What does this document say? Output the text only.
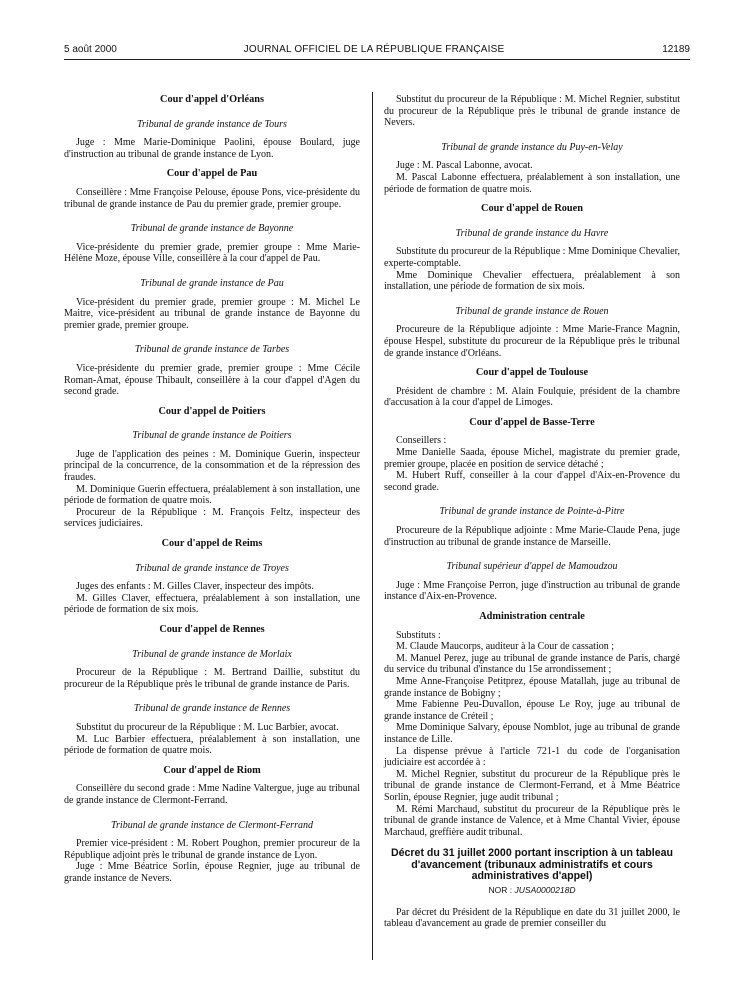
5 août 2000	JOURNAL OFFICIEL DE LA RÉPUBLIQUE FRANÇAISE	12189
Cour d'appel d'Orléans
Tribunal de grande instance de Tours

Juge : Mme Marie-Dominique Paolini, épouse Boulard, juge d'instruction au tribunal de grande instance de Lyon.

Cour d'appel de Pau

Conseillère : Mme Françoise Pelouse, épouse Pons, vice-présidente du tribunal de grande instance de Pau du premier grade, premier groupe.

Tribunal de grande instance de Bayonne

Vice-présidente du premier grade, premier groupe : Mme Marie-Hélène Moze, épouse Ville, conseillère à la cour d'appel de Pau.

Tribunal de grande instance de Pau

Vice-président du premier grade, premier groupe : M. Michel Le Maitre, vice-président au tribunal de grande instance de Bayonne du premier grade, premier groupe.

Tribunal de grande instance de Tarbes

Vice-présidente du premier grade, premier groupe : Mme Cécile Roman-Amat, épouse Thibault, conseillère à la cour d'appel d'Agen du second grade.

Cour d'appel de Poitiers
Tribunal de grande instance de Poitiers

Juge de l'application des peines : M. Dominique Guerin, inspecteur principal de la concurrence, de la consommation et de la répression des fraudes.

M. Dominique Guerin effectuera, préalablement à son installation, une période de formation de quatre mois.

Procureur de la République : M. François Feltz, inspecteur des services judiciaires.

Cour d'appel de Reims
Tribunal de grande instance de Troyes

Juges des enfants : M. Gilles Claver, inspecteur des impôts.

M. Gilles Claver, effectuera, préalablement à son installation, une période de formation de six mois.

Cour d'appel de Rennes
Tribunal de grande instance de Morlaix

Procureur de la République : M. Bertrand Daillie, substitut du procureur de la République près le tribunal de grande instance de Paris.

Tribunal de grande instance de Rennes

Substitut du procureur de la République : M. Luc Barbier, avocat.

M. Luc Barbier effectuera, préalablement à son installation, une période de formation de quatre mois.

Cour d'appel de Riom

Conseillère du second grade : Mme Nadine Valtergue, juge au tribunal de grande instance de Clermont-Ferrand.

Tribunal de grande instance de Clermont-Ferrand

Premier vice-président : M. Robert Poughon, premier procureur de la République adjoint près le tribunal de grande instance de Lyon.

Juge : Mme Béatrice Sorlin, épouse Regnier, juge au tribunal de grande instance de Nevers.

Substitut du procureur de la République : M. Michel Regnier, substitut du procureur de la République près le tribunal de grande instance de Nevers.

Tribunal de grande instance du Puy-en-Velay

Juge : M. Pascal Labonne, avocat.

M. Pascal Labonne effectuera, préalablement à son installation, une période de formation de quatre mois.

Cour d'appel de Rouen
Tribunal de grande instance du Havre

Substitute du procureur de la République : Mme Dominique Chevalier, experte-comptable.

Mme Dominique Chevalier effectuera, préalablement à son installation, une période de formation de six mois.

Tribunal de grande instance de Rouen

Procureure de la République adjointe : Mme Marie-France Magnin, épouse Hespel, substitute du procureur de la République près le tribunal de grande instance d'Orléans.

Cour d'appel de Toulouse

Président de chambre : M. Alain Foulquie, président de la chambre d'accusation à la cour d'appel de Limoges.

Cour d'appel de Basse-Terre

Conseillers :

Mme Danielle Saada, épouse Michel, magistrate du premier grade, premier groupe, placée en position de service détaché ;

M. Hubert Ruff, conseiller à la cour d'appel d'Aix-en-Provence du second grade.

Tribunal de grande instance de Pointe-à-Pitre

Procureure de la République adjointe : Mme Marie-Claude Pena, juge d'instruction au tribunal de grande instance de Marseille.

Tribunal supérieur d'appel de Mamoudzou

Juge : Mme Françoise Perron, juge d'instruction au tribunal de grande instance d'Aix-en-Provence.

Administration centrale

Substituts :

M. Claude Maucorps, auditeur à la Cour de cassation ;

M. Manuel Perez, juge au tribunal de grande instance de Paris, chargé du service du tribunal d'instance du 15e arrondissement ;

Mme Anne-Françoise Petitprez, épouse Matallah, juge au tribunal de grande instance de Bobigny ;

Mme Fabienne Peu-Duvallon, épouse Le Roy, juge au tribunal de grande instance de Créteil ;

Mme Dominique Salvary, épouse Nomblot, juge au tribunal de grande instance de Lille.

La dispense prévue à l'article 721-1 du code de l'organisation judiciaire est accordée à :

M. Michel Regnier, substitut du procureur de la République près le tribunal de grande instance de Clermont-Ferrand, et à Mme Béatrice Sorlin, épouse Regnier, juge audit tribunal ;

M. Rémi Marchaud, substitut du procureur de la République près le tribunal de grande instance de Valence, et à Mme Chantal Vivier, épouse Marchaud, greffière audit tribunal.

Décret du 31 juillet 2000 portant inscription à un tableau d'avancement (tribunaux administratifs et cours administratives d'appel)
NOR : JUSA0000218D

Par décret du Président de la République en date du 31 juillet 2000, le tableau d'avancement au grade de premier conseiller du
